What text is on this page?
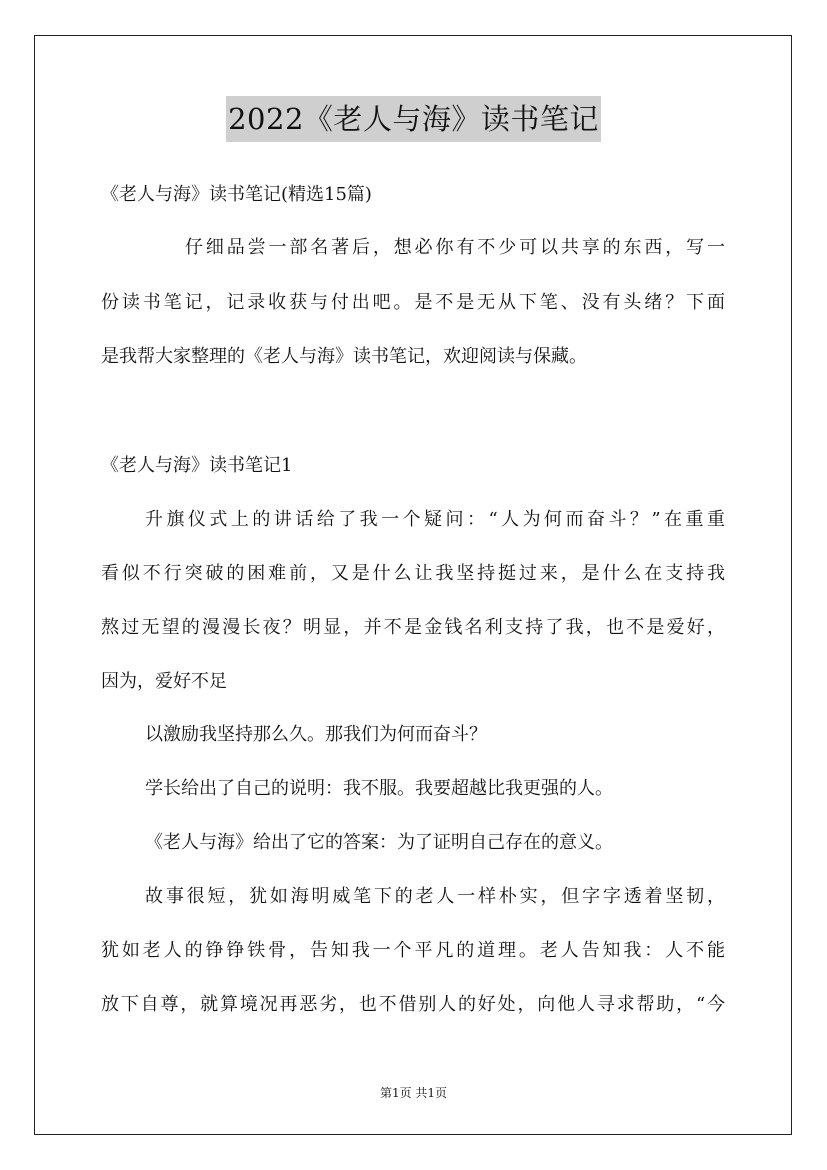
2022《老人与海》读书笔记
《老人与海》读书笔记(精选15篇)
仔细品尝一部名著后，想必你有不少可以共享的东西，写一
份读书笔记，记录收获与付出吧。是不是无从下笔、没有头绪？下面
是我帮大家整理的《老人与海》读书笔记，欢迎阅读与保藏。
《老人与海》读书笔记1
升旗仪式上的讲话给了我一个疑问：“人为何而奋斗？”在重重
看似不行突破的困难前，又是什么让我坚持挺过来，是什么在支持我
熬过无望的漫漫长夜？明显，并不是金钱名利支持了我，也不是爱好，
因为，爱好不足
以激励我坚持那么久。那我们为何而奋斗？
学长给出了自己的说明：我不服。我要超越比我更强的人。
《老人与海》给出了它的答案：为了证明自己存在的意义。
故事很短，犹如海明威笔下的老人一样朴实，但字字透着坚韧，
犹如老人的铮铮铁骨，告知我一个平凡的道理。老人告知我：人不能
放下自尊，就算境况再恶劣，也不借别人的好处，向他人寻求帮助，“今
第1页 共1页
